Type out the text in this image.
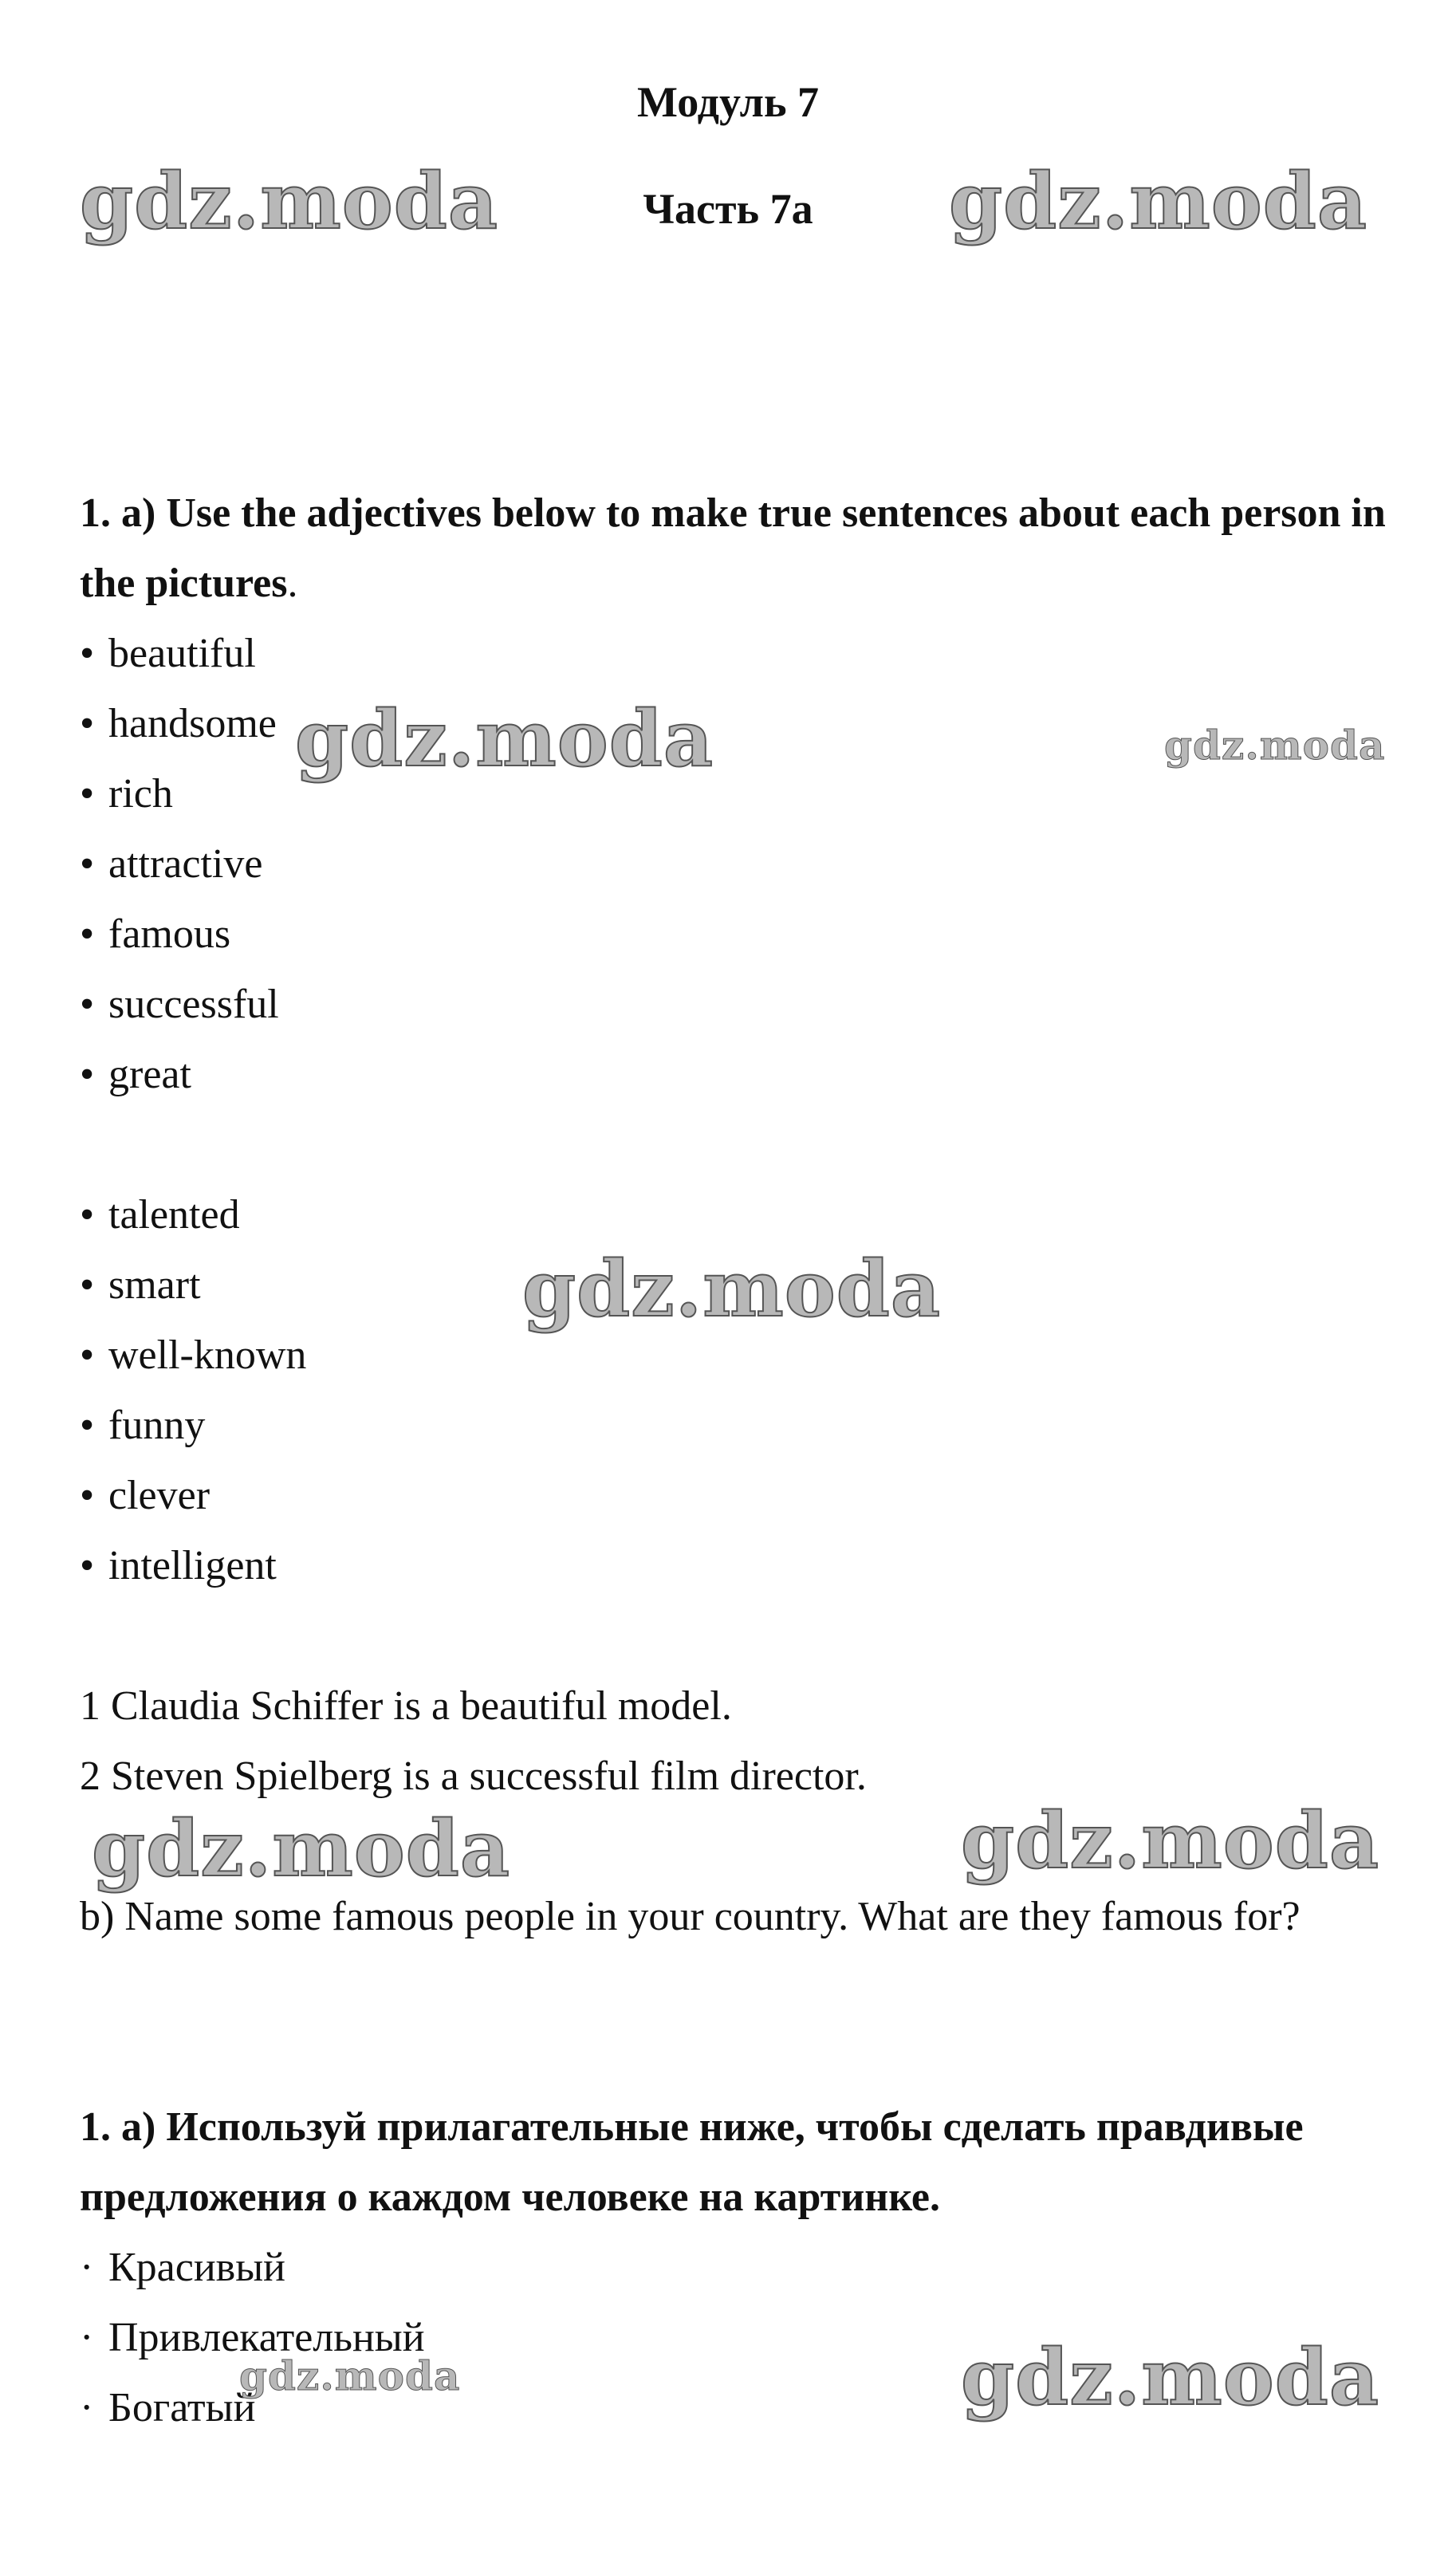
Модуль 7
Часть 7а

1. a) Use the adjectives below to make true sentences about each person in the pictures.

• beautiful
• handsome
• rich
• attractive
• famous
• successful
• great
• talented
• smart
• well-known
• funny
• clever
• intelligent

1 Claudia Schiffer is a beautiful model.

2 Steven Spielberg is a successful film director.

b) Name some famous people in your country. What are they famous for?

1. а) Используй прилагательные ниже, чтобы сделать правдивые предложения о каждом человеке на картинке.

· Красивый
· Привлекательный
· Богатый
gdz.moda	gdz.moda
gdz.moda	gdz.moda
gdz.moda
gdz.moda	gdz.moda
gdz.moda	gdz.moda
